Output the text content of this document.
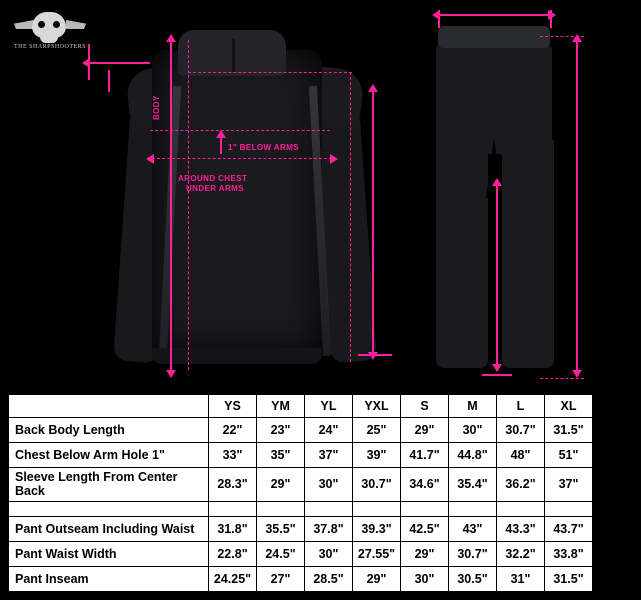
THE SHARPSHOOTERS
BODY
1" BELOW ARMS
AROUND CHEST
UNDER ARMS
	YS	YM	YL	YXL	S	M	L	XL	2XL
Back Body Length	22"	23"	24"	25"	29"	30"	30.7"	31.5"	32.2"
Chest Below Arm Hole 1"	33"	35"	37"	39"	41.7"	44.8"	48"	51"	54.3"
Sleeve Length From Center Back	28.3"	29"	30"	30.7"	34.6"	35.4"	36.2"	37"	37.8"

Pant Outseam Including Waist	31.8"	35.5"	37.8"	39.3"	42.5"	43"	43.3"	43.7"	44"
Pant Waist Width	22.8"	24.5"	30"	27.55"	29"	30.7"	32.2"	33.8"	35.5"
Pant Inseam	24.25"	27"	28.5"	29"	30"	30.5"	31"	31.5"	32"
